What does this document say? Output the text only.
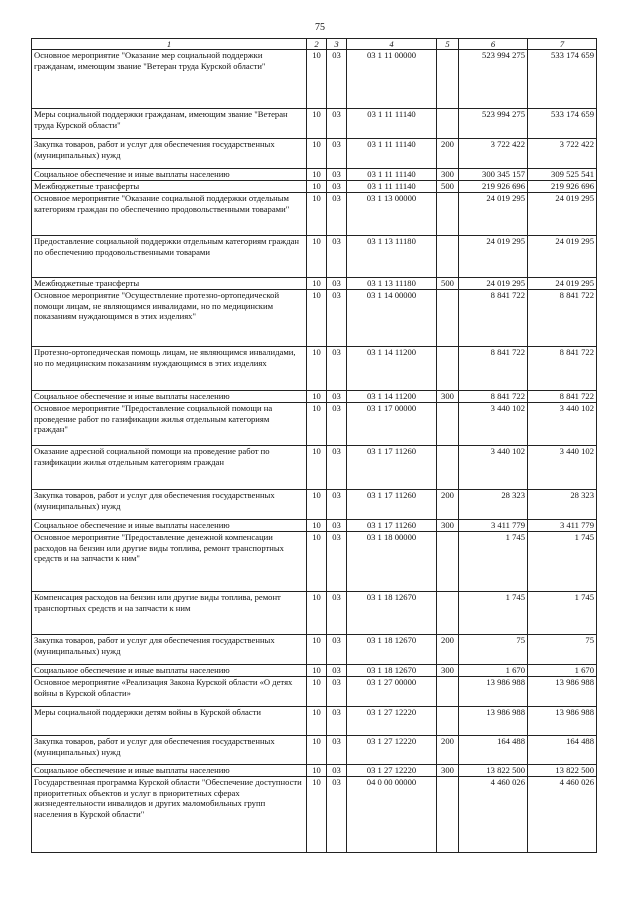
75
1	2	3	4	5	6	7
Основное мероприятие "Оказание мер социальной поддержки гражданам, имеющим звание "Ветеран труда Курской области"	10	03	03 1 11 00000		523 994 275	533 174 659
Меры социальной поддержки гражданам, имеющим звание "Ветеран труда Курской области"	10	03	03 1 11 11140		523 994 275	533 174 659
Закупка товаров, работ и услуг для обеспечения государственных (муниципальных) нужд	10	03	03 1 11 11140	200	3 722 422	3 722 422
Социальное обеспечение и иные выплаты населению	10	03	03 1 11 11140	300	300 345 157	309 525 541
Межбюджетные трансферты	10	03	03 1 11 11140	500	219 926 696	219 926 696
Основное мероприятие "Оказание социальной поддержки отдельным категориям граждан по обеспечению продовольственными товарами"	10	03	03 1 13 00000		24 019 295	24 019 295
Предоставление социальной поддержки отдельным категориям граждан по обеспечению продовольственными товарами	10	03	03 1 13 11180		24 019 295	24 019 295
Межбюджетные трансферты	10	03	03 1 13 11180	500	24 019 295	24 019 295
Основное мероприятие "Осуществление протезно-ортопедической помощи лицам, не являющимся инвалидами, но по медицинским показаниям нуждающимся в этих изделиях"	10	03	03 1 14 00000		8 841 722	8 841 722
Протезно-ортопедическая помощь лицам, не являющимся инвалидами, но по медицинским показаниям нуждающимся в этих изделиях	10	03	03 1 14 11200		8 841 722	8 841 722
Социальное обеспечение и иные выплаты населению	10	03	03 1 14 11200	300	8 841 722	8 841 722
Основное мероприятие "Предоставление социальной помощи на проведение работ по газификации жилья отдельным категориям граждан"	10	03	03 1 17 00000		3 440 102	3 440 102
Оказание адресной социальной помощи на проведение работ по газификации жилья отдельным категориям граждан	10	03	03 1 17 11260		3 440 102	3 440 102
Закупка товаров, работ и услуг для обеспечения государственных (муниципальных) нужд	10	03	03 1 17 11260	200	28 323	28 323
Социальное обеспечение и иные выплаты населению	10	03	03 1 17 11260	300	3 411 779	3 411 779
Основное мероприятие "Предоставление денежной компенсации расходов на бензин или другие виды топлива, ремонт транспортных средств и на запчасти к ним"	10	03	03 1 18 00000		1 745	1 745
Компенсация расходов на бензин или другие виды топлива, ремонт транспортных средств и на запчасти к ним	10	03	03 1 18 12670		1 745	1 745
Закупка товаров, работ и услуг для обеспечения государственных (муниципальных) нужд	10	03	03 1 18 12670	200	75	75
Социальное обеспечение и иные выплаты населению	10	03	03 1 18 12670	300	1 670	1 670
Основное мероприятие «Реализация Закона Курской области «О детях войны в Курской области»	10	03	03 1 27 00000		13 986 988	13 986 988
Меры социальной поддержки детям войны в Курской области	10	03	03 1 27 12220		13 986 988	13 986 988
Закупка товаров, работ и услуг для обеспечения государственных (муниципальных) нужд	10	03	03 1 27 12220	200	164 488	164 488
Социальное обеспечение и иные выплаты населению	10	03	03 1 27 12220	300	13 822 500	13 822 500
Государственная программа Курской области "Обеспечение доступности приоритетных объектов и услуг в приоритетных сферах жизнедеятельности инвалидов и других маломобильных групп населения в Курской области"	10	03	04 0 00 00000		4 460 026	4 460 026
